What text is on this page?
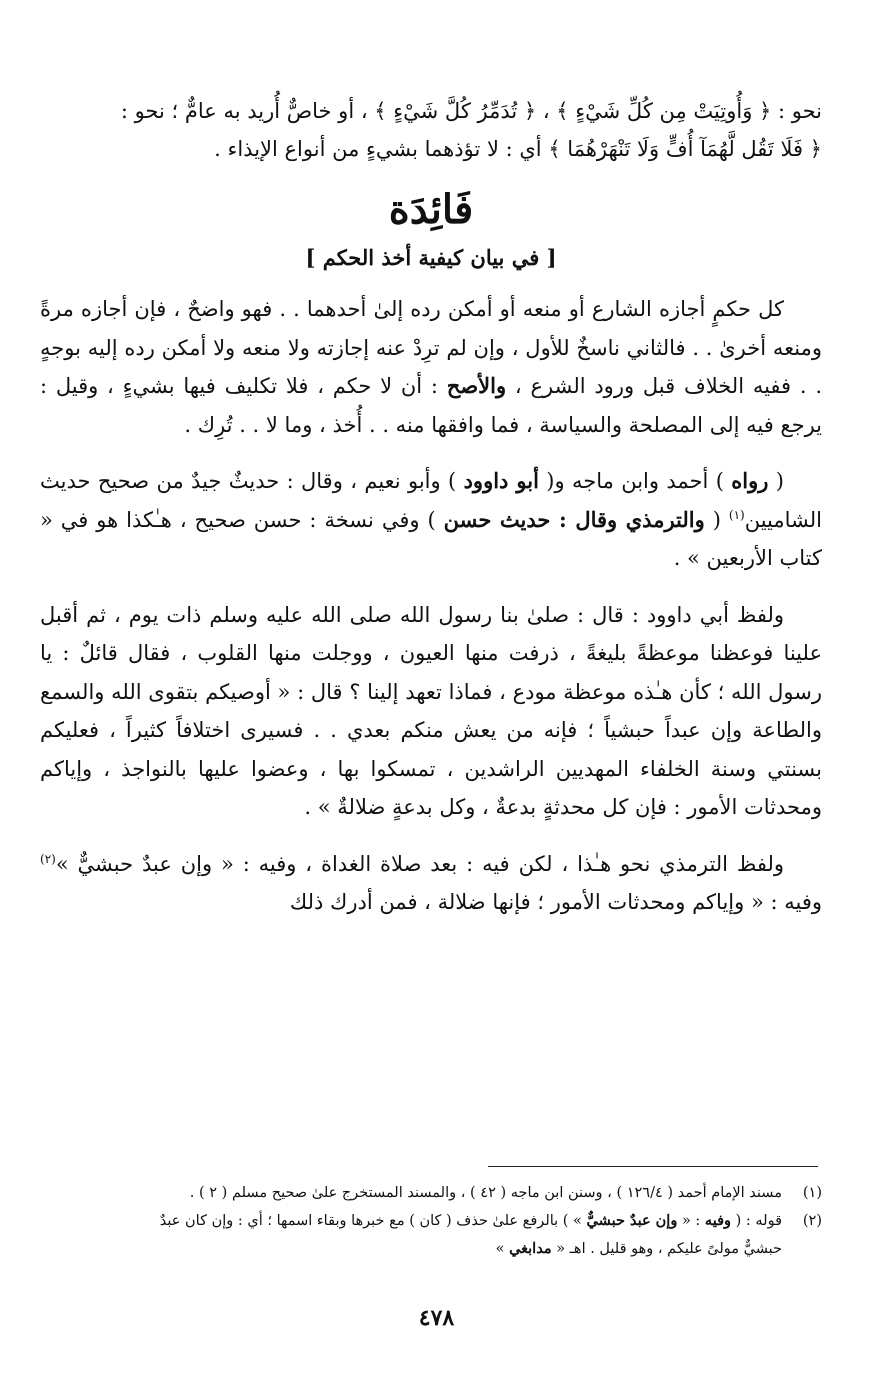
نحو : ﴿ وَأُوتِيَتْ مِن كُلِّ شَيْءٍ ﴾ ، ﴿ تُدَمِّرُ كُلَّ شَيْءٍ ﴾ ، أو خاصٌّ أُريد به عامٌّ ؛ نحو :
﴿ فَلَا تَقُل لَّهُمَآ أُفٍّ وَلَا تَنْهَرْهُمَا ﴾ أي : لا تؤذهما بشيءٍ من أنواع الإيذاء .
فَائِدَة
[ في بيان كيفية أخذ الحكم ]

كل حكمٍ أجازه الشارع أو منعه أو أمكن رده إلىٰ أحدهما . . فهو واضحٌ ، فإن أجازه مرةً ومنعه أخرىٰ . . فالثاني ناسخٌ للأول ، وإن لم ترِدْ عنه إجازته ولا منعه ولا أمكن رده إليه بوجهٍ . . ففيه الخلاف قبل ورود الشرع ، والأصح : أن لا حكم ، فلا تكليف فيها بشيءٍ ، وقيل : يرجع فيه إلى المصلحة والسياسة ، فما وافقها منه . . أُخذ ، وما لا . . تُرِك .

( رواه ) أحمد وابن ماجه و( أبو داوود ) وأبو نعيم ، وقال : حديثٌ جيدٌ من صحيح حديث الشاميين$^{(١)}$ ( والترمذي وقال : حديث حسن ) وفي نسخة : حسن صحيح ، هـٰكذا هو في « كتاب الأربعين » .

ولفظ أبي داوود : قال : صلىٰ بنا رسول الله صلى الله عليه وسلم ذات يوم ، ثم أقبل علينا فوعظنا موعظةً بليغةً ، ذرفت منها العيون ، ووجلت منها القلوب ، فقال قائلٌ : يا رسول الله ؛ كأن هـٰذه موعظة مودع ، فماذا تعهد إلينا ؟ قال : « أوصيكم بتقوى الله والسمع والطاعة وإن عبداً حبشياً ؛ فإنه من يعش منكم بعدي . . فسيرى اختلافاً كثيراً ، فعليكم بسنتي وسنة الخلفاء المهديين الراشدين ، تمسكوا بها ، وعضوا عليها بالنواجذ ، وإياكم ومحدثات الأمور : فإن كل محدثةٍ بدعةٌ ، وكل بدعةٍ ضلالةٌ » .

ولفظ الترمذي نحو هـٰذا ، لكن فيه : بعد صلاة الغداة ، وفيه : « وإن عبدٌ حبشيٌّ »$^{(٢)}$ وفيه : « وإياكم ومحدثات الأمور ؛ فإنها ضلالة ، فمن أدرك ذلك

(١)مسند الإمام أحمد ( ١٢٦/٤ ) ، وسنن ابن ماجه ( ٤٢ ) ، والمسند المستخرج علىٰ صحيح مسلم ( ٢ ) .

(٢)قوله : ( وفيه : « وإن عبدٌ حبشيٌّ » ) بالرفع علىٰ حذف ( كان ) مع خبرها وبقاء اسمها ؛ أي : وإن كان عبدٌ

حبشيٌّ مولىً عليكم ، وهو قليل . اهـ « مدابغي »

٤٧٨
